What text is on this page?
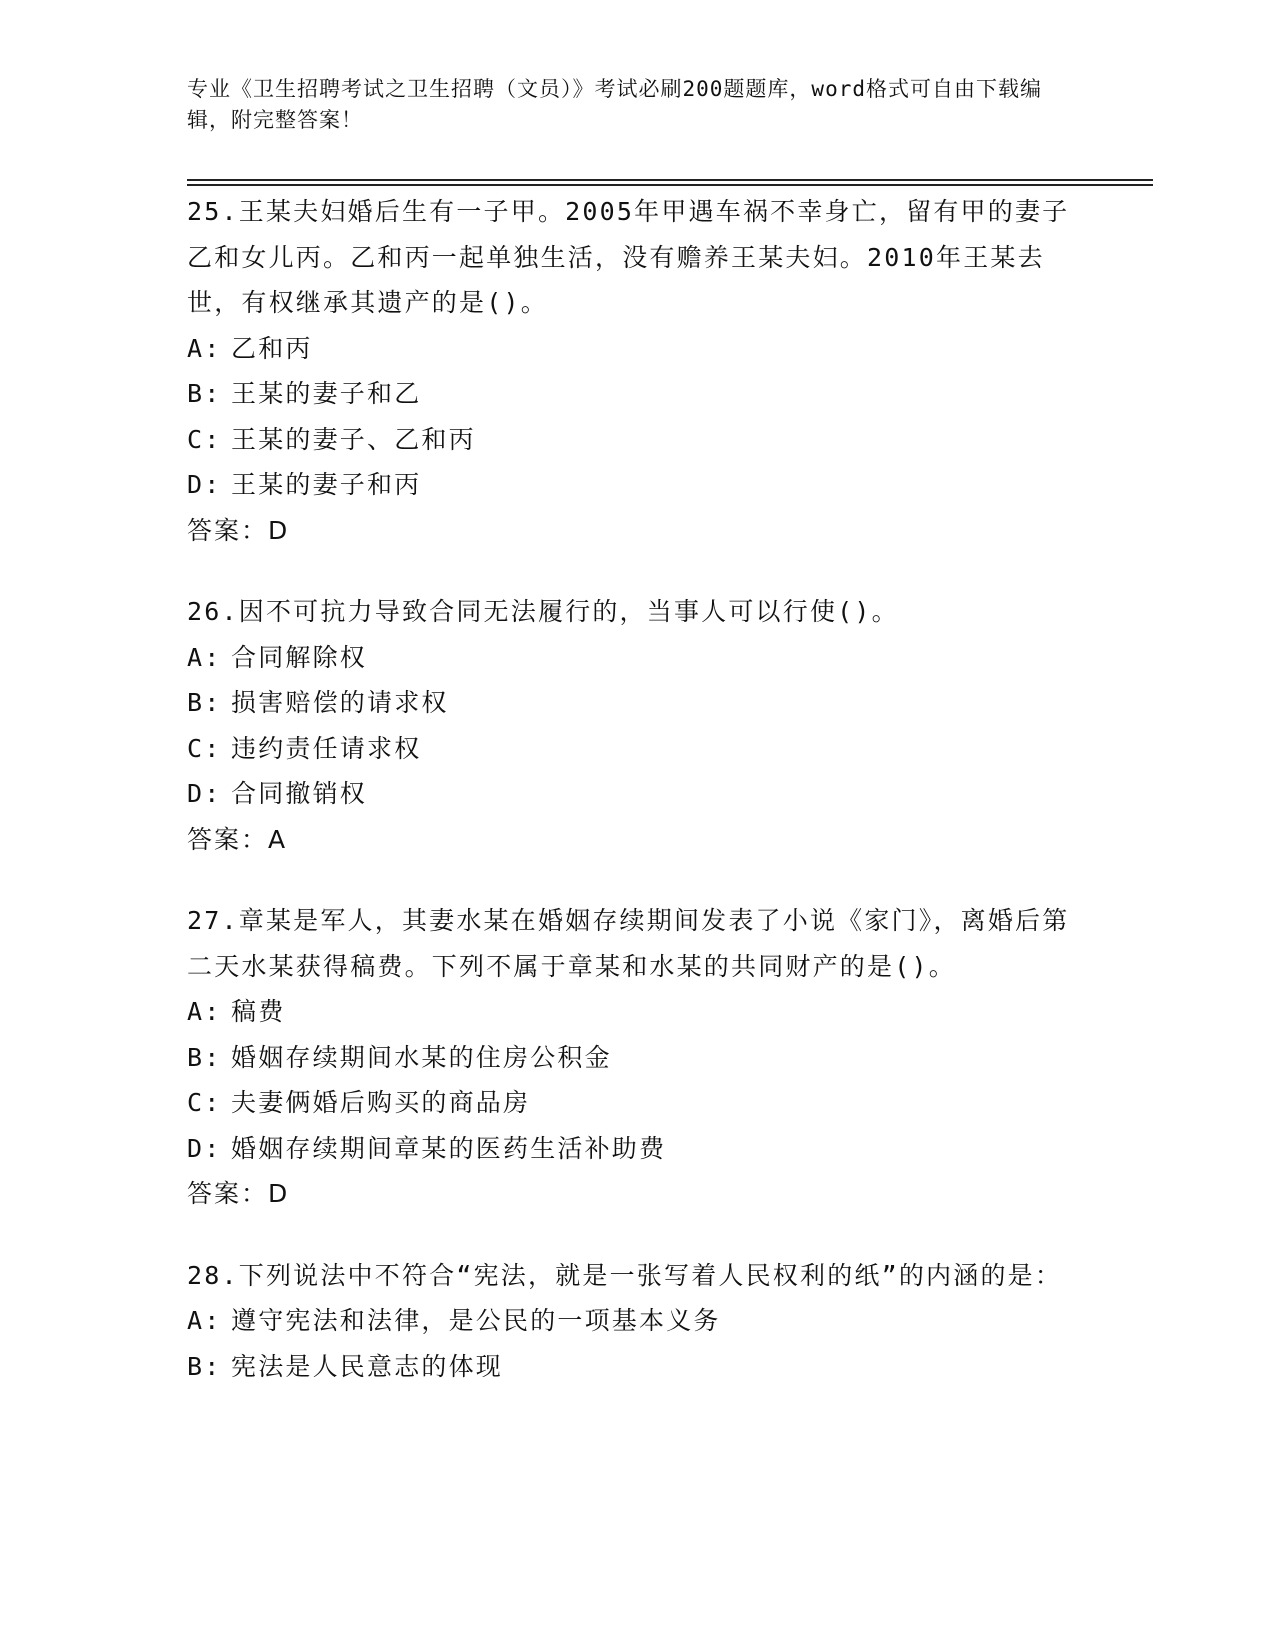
专业《卫生招聘考试之卫生招聘（文员）》考试必刷200题题库，word格式可自由下载编辑，附完整答案！

25.王某夫妇婚后生有一子甲。2005年甲遇车祸不幸身亡，留有甲的妻子乙和女儿丙。乙和丙一起单独生活，没有赡养王某夫妇。2010年王某去世，有权继承其遗产的是()。

A: 乙和丙

B: 王某的妻子和乙

C: 王某的妻子、乙和丙

D: 王某的妻子和丙

答案：D

26.因不可抗力导致合同无法履行的，当事人可以行使()。

A: 合同解除权

B: 损害赔偿的请求权

C: 违约责任请求权

D: 合同撤销权

答案：A

27.章某是军人，其妻水某在婚姻存续期间发表了小说《家门》，离婚后第二天水某获得稿费。下列不属于章某和水某的共同财产的是()。

A: 稿费

B: 婚姻存续期间水某的住房公积金

C: 夫妻俩婚后购买的商品房

D: 婚姻存续期间章某的医药生活补助费

答案：D

28.下列说法中不符合“宪法，就是一张写着人民权利的纸”的内涵的是：

A: 遵守宪法和法律，是公民的一项基本义务

B: 宪法是人民意志的体现
